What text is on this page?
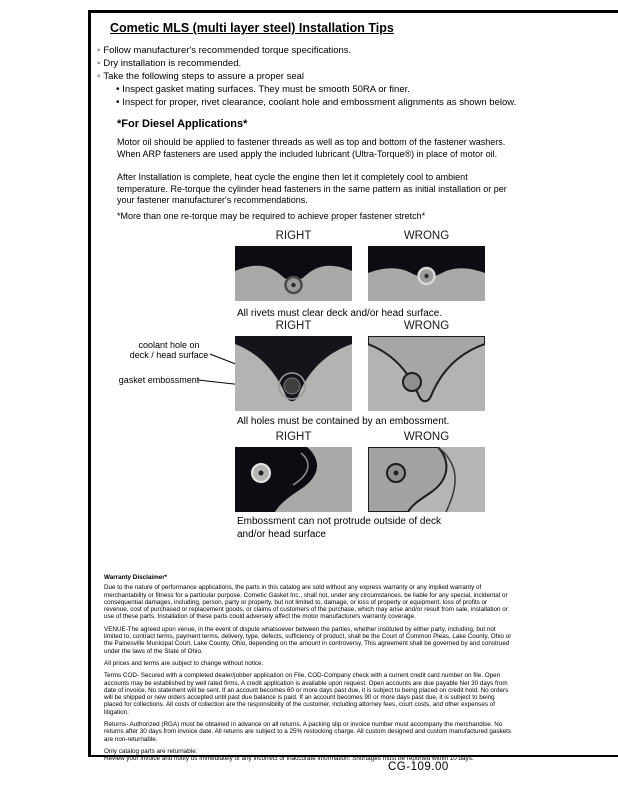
Cometic MLS (multi layer steel) Installation Tips
◦ Follow manufacturer's recommended torque specifications.
◦ Dry installation is recommended.
◦ Take the following steps to assure a proper seal
• Inspect gasket mating surfaces. They must be smooth 50RA or finer.
• Inspect for proper, rivet clearance, coolant hole and embossment alignments as shown below.
*For Diesel Applications*
Motor oil should be applied to fastener threads as well as top and bottom of the fastener washers. When ARP fasteners are used apply the included lubricant (Ultra-Torque®) in place of motor oil.
After Installation is complete, heat cycle the engine then let it completely cool to ambient temperature. Re-torque the cylinder head fasteners in the same pattern as initial installation or per your fastener manufacturer's recommendations.
*More than one re-torque may be required to achieve proper fastener stretch*
RIGHT	WRONG
All rivets must clear deck and/or head surface.
RIGHT	WRONG
coolant hole on
deck / head surface
gasket embossment
All holes must be contained by an embossment.
RIGHT	WRONG
Embossment can not protrude outside of deck
and/or head surface
Warranty Disclaimer*

Due to the nature of performance applications, the parts in this catalog are sold without any express warranty or any implied warranty of merchantability or fitness for a particular purpose. Cometic Gasket Inc., shall not, under any circumstances, be liable for any special, incidental or consequential damages, including, person, party or property, but not limited to, damage, or loss of property or equipment, loss of profits or revenue, cost of purchased or replacement goods, or claims of customers of the purchase, which may arise and/or result from sale, installation or use of these parts. Installation of these parts could adversely affect the motor manufacturers warranty coverage.

VENUE-The agreed upon venue, in the event of dispute whatsoever between the parties, whether instituted by either party, including, but not limited to, contract terms, payment terms, delivery, type, defects, sufficiency of product, shall be the Court of Common Pleas, Lake County, Ohio or the Painesville Municipal Court, Lake County, Ohio, depending on the amount in controversy. This agreement shall be governed by and construed under the laws of the State of Ohio.

All prices and terms are subject to change without notice.

Terms COD- Secured with a completed dealer/jobber application on File, COD-Company check with a current credit card number on file. Open accounts may be established by well rated firms. A credit application is available upon request. Open accounts are due payable Net 30 days from date of invoice. No statement will be sent. If an account becomes 60 or more days past due, it is subject to being placed on credit hold. No orders will be shipped or new orders accepted until past due balance is paid. If an account becomes 90 or more days past due, it is subject to being placed for collections. All costs of collection are the responsibility of the customer, including attorney fees, court costs, and other expenses of litigation.

Returns- Authorized (RGA) must be obtained in advance on all returns. A packing slip or invoice number must accompany the merchandise. No returns after 30 days from invoice date. All returns are subject to a 25% restocking charge. All custom designed and custom manufactured gaskets are non-returnable.

Only catalog parts are returnable.
Review your invoice and notify us immediately of any incorrect or inaccurate information. Shortages must be reported within 10 days.

CG-109.00
